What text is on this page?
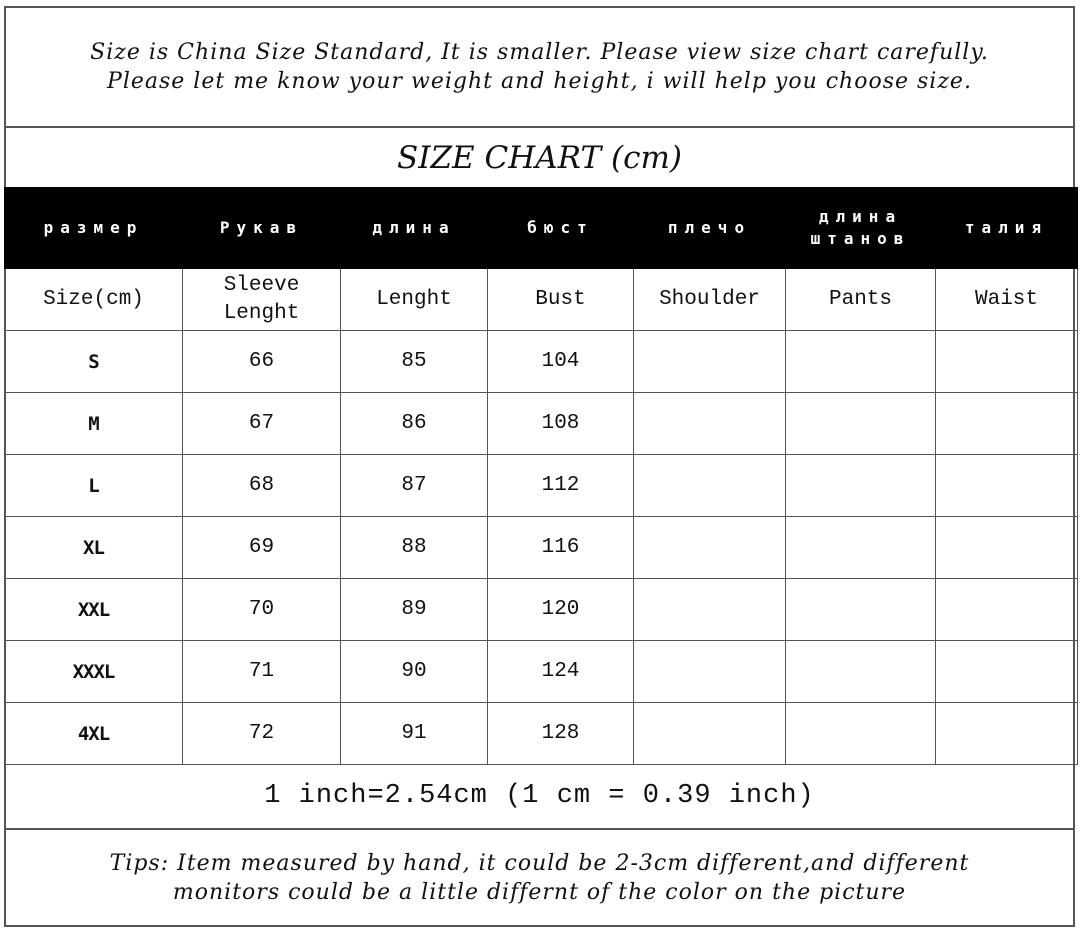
Size is China Size Standard, It is smaller. Please view size chart carefully.
Please let me know your weight and height, i will help you choose size.
SIZE CHART (cm)
размер	Рукав	длина	бюст	плечо	длина штанов	талия
Size(cm)	Sleeve Lenght	Lenght	Bust	Shoulder	Pants	Waist
S	66	85	104			
M	67	86	108			
L	68	87	112			
XL	69	88	116			
XXL	70	89	120			
XXXL	71	90	124			
4XL	72	91	128			
1 inch=2.54cm (1 cm = 0.39 inch)
Tips: Item measured by hand, it could be 2-3cm different,and different
monitors could be a little differnt of the color on the picture
